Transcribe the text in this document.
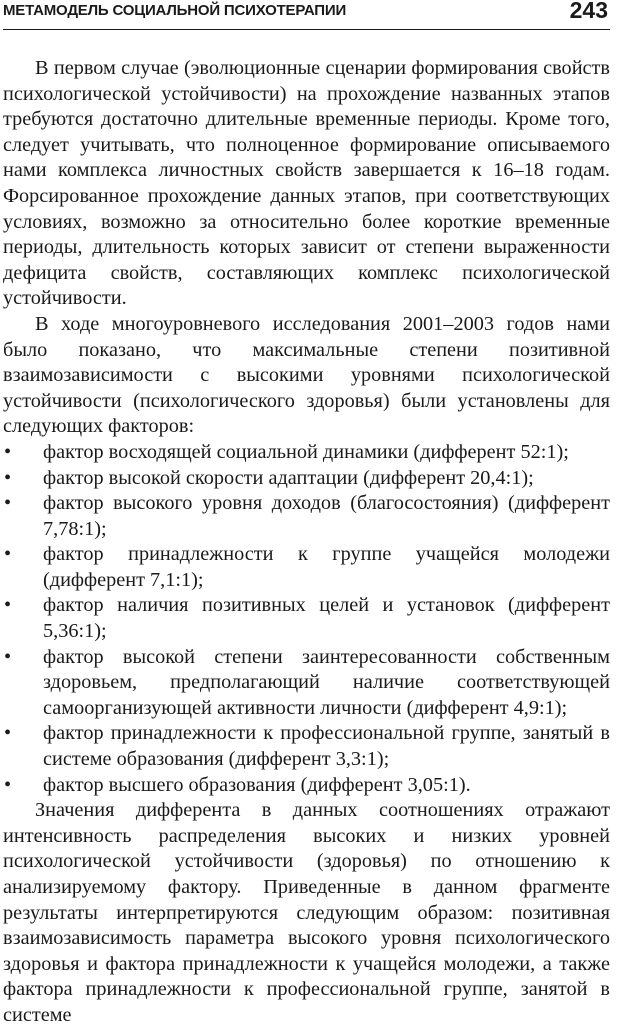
МЕТАМОДЕЛЬ СОЦИАЛЬНОЙ ПСИХОТЕРАПИИ	243

В первом случае (эволюционные сценарии формирования свойств психологической устойчивости) на прохождение названных этапов требуются достаточно длительные временные периоды. Кроме того, следует учитывать, что полноценное формирование описываемого нами комплекса личностных свойств завершается к 16–18 годам. Форсированное прохождение данных этапов, при соответствующих условиях, возможно за относительно более короткие временные периоды, длительность которых зависит от степени выраженности дефицита свойств, составляющих комплекс психологической устойчивости.

В ходе многоуровневого исследования 2001–2003 годов нами было показано, что максимальные степени позитивной взаимозависимости с высокими уровнями психологической устойчивости (психологического здоровья) были установлены для следующих факторов:

• фактор восходящей социальной динамики (дифферент 52:1);
• фактор высокой скорости адаптации (дифферент 20,4:1);
• фактор высокого уровня доходов (благосостояния) (дифферент 7,78:1);
• фактор принадлежности к группе учащейся молодежи (дифферент 7,1:1);
• фактор наличия позитивных целей и установок (дифферент 5,36:1);
• фактор высокой степени заинтересованности собственным здоровьем, предполагающий наличие соответствующей самоорганизующей активности личности (дифферент 4,9:1);
• фактор принадлежности к профессиональной группе, занятый в системе образования (дифферент 3,3:1);
• фактор высшего образования (дифферент 3,05:1).

Значения дифферента в данных соотношениях отражают интенсивность распределения высоких и низких уровней психологической устойчивости (здоровья) по отношению к анализируемому фактору. Приведенные в данном фрагменте результаты интерпретируются следующим образом: позитивная взаимозависимость параметра высокого уровня психологического здоровья и фактора принадлежности к учащейся молодежи, а также фактора принадлежности к профессиональной группе, занятой в системе
